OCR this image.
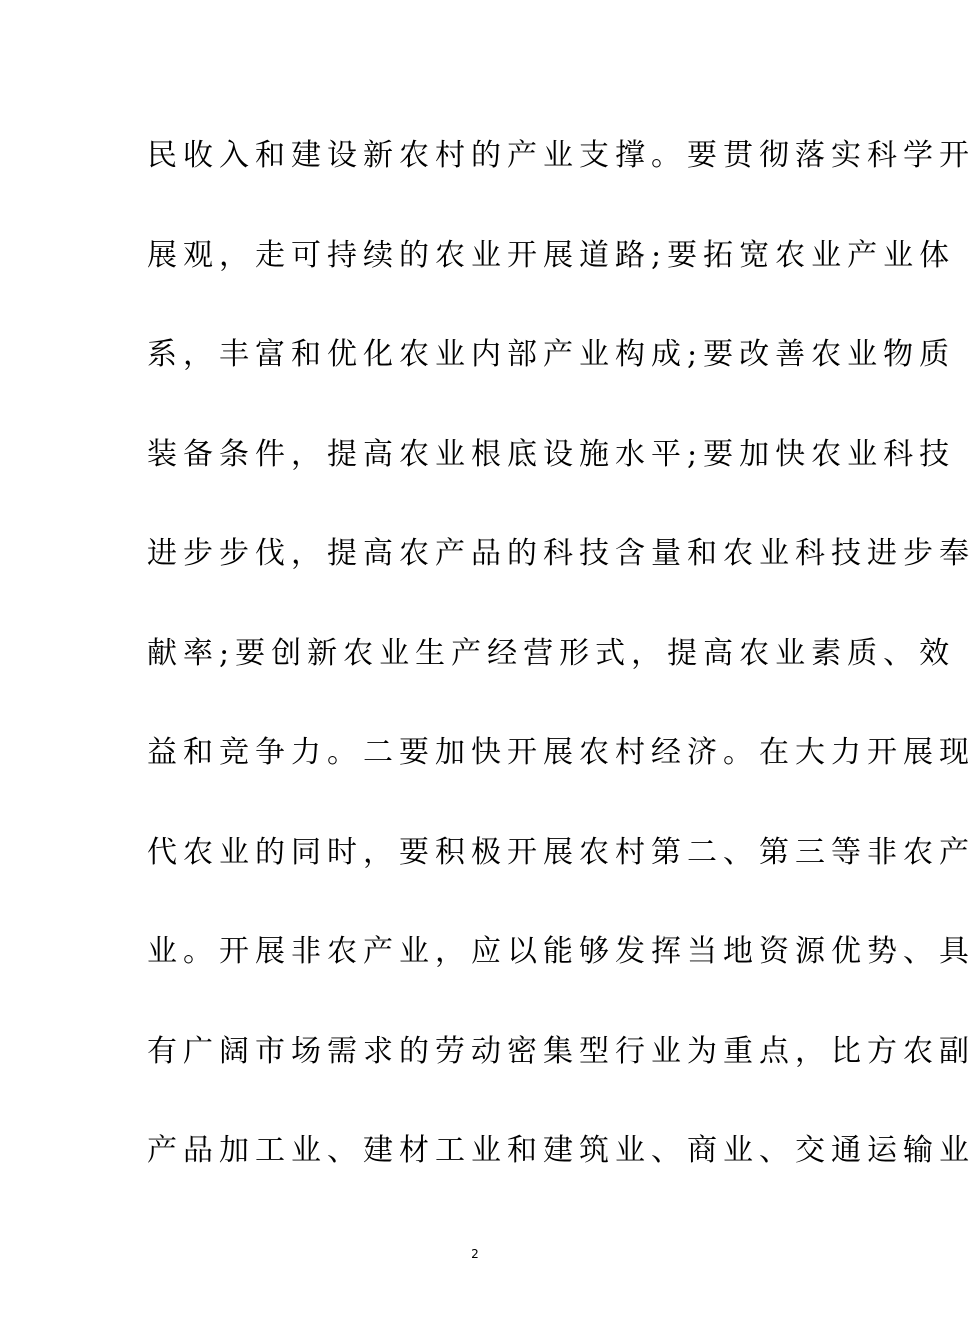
民收入和建设新农村的产业支撑。要贯彻落实科学开
展观，走可持续的农业开展道路;要拓宽农业产业体
系，丰富和优化农业内部产业构成;要改善农业物质
装备条件，提高农业根底设施水平;要加快农业科技
进步步伐，提高农产品的科技含量和农业科技进步奉
献率;要创新农业生产经营形式，提高农业素质、效
益和竞争力。二要加快开展农村经济。在大力开展现
代农业的同时，要积极开展农村第二、第三等非农产
业。开展非农产业，应以能够发挥当地资源优势、具
有广阔市场需求的劳动密集型行业为重点，比方农副
产品加工业、建材工业和建筑业、商业、交通运输业
2
